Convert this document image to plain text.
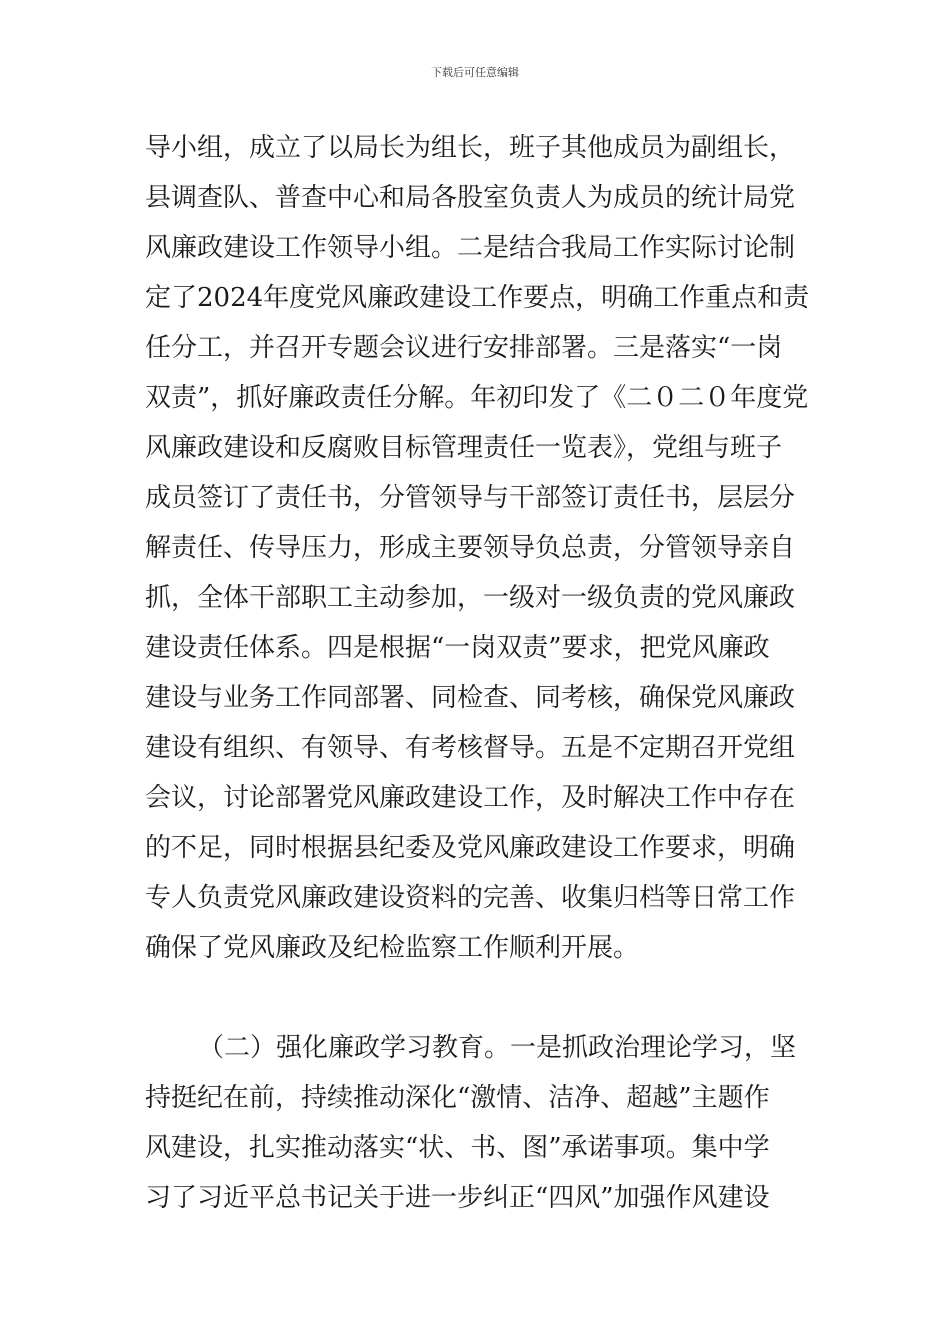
下载后可任意编辑
导小组，成立了以局长为组长，班子其他成员为副组长，
县调查队、普查中心和局各股室负责人为成员的统计局党
风廉政建设工作领导小组。二是结合我局工作实际讨论制
定了2024年度党风廉政建设工作要点，明确工作重点和责
任分工，并召开专题会议进行安排部署。三是落实“一岗
双责”，抓好廉政责任分解。年初印发了《二０二０年度党
风廉政建设和反腐败目标管理责任一览表》，党组与班子
成员签订了责任书，分管领导与干部签订责任书，层层分
解责任、传导压力，形成主要领导负总责，分管领导亲自
抓，全体干部职工主动参加，一级对一级负责的党风廉政
建设责任体系。四是根据“一岗双责”要求，把党风廉政
建设与业务工作同部署、同检查、同考核，确保党风廉政
建设有组织、有领导、有考核督导。五是不定期召开党组
会议，讨论部署党风廉政建设工作，及时解决工作中存在
的不足，同时根据县纪委及党风廉政建设工作要求，明确
专人负责党风廉政建设资料的完善、收集归档等日常工作
确保了党风廉政及纪检监察工作顺利开展。
（二）强化廉政学习教育。一是抓政治理论学习，坚
持挺纪在前，持续推动深化“激情、洁净、超越”主题作
风建设，扎实推动落实“状、书、图”承诺事项。集中学
习了习近平总书记关于进一步纠正“四风”加强作风建设
